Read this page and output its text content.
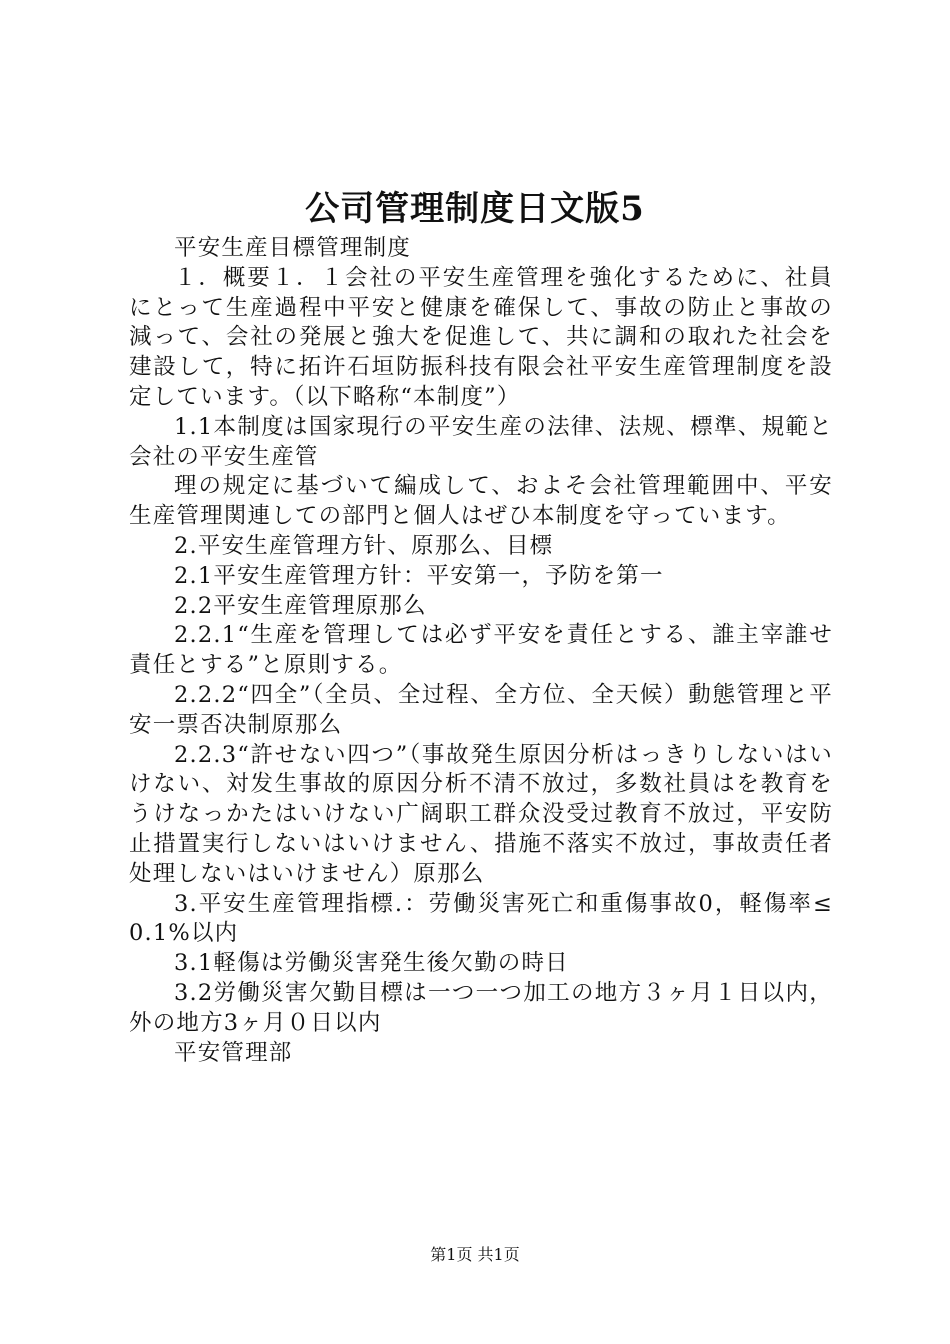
公司管理制度日文版5

平安生産目標管理制度

１．概要１．１会社の平安生産管理を強化するために、社員にとって生産過程中平安と健康を確保して、事故の防止と事故の減って、会社の発展と強大を促進して、共に調和の取れた社会を建設して，特に拓许石垣防振科技有限会社平安生産管理制度を設定しています。（以下略称“本制度”）

1.1本制度は国家現行の平安生産の法律、法规、標準、規範と会社の平安生産管

理の规定に基づいて編成して、およそ会社管理範囲中、平安生産管理関連しての部門と個人はぜひ本制度を守っています。

2.平安生産管理方针、原那么、目標

2.1平安生産管理方针：平安第一，予防を第一

2.2平安生産管理原那么

2.2.1“生産を管理しては必ず平安を責任とする、誰主宰誰せ責任とする”と原則する。

2.2.2“四全”（全员、全过程、全方位、全天候）動態管理と平安一票否决制原那么

2.2.3“許せない四つ”（事故発生原因分析はっきりしないはいけない、対发生事故的原因分析不清不放过，多数社員はを教育をうけなっかたはいけない广阔职工群众没受过教育不放过，平安防止措置実行しないはいけません、措施不落实不放过，事故责任者处理しないはいけません）原那么

3.平安生産管理指標.：劳働災害死亡和重傷事故0，軽傷率≤0.1%以内

3.1軽傷は労働災害発生後欠勤の時日

3.2労働災害欠勤目標は一つ一つ加工の地方３ヶ月１日以内，外の地方3ヶ月０日以内

平安管理部

第1页 共1页
